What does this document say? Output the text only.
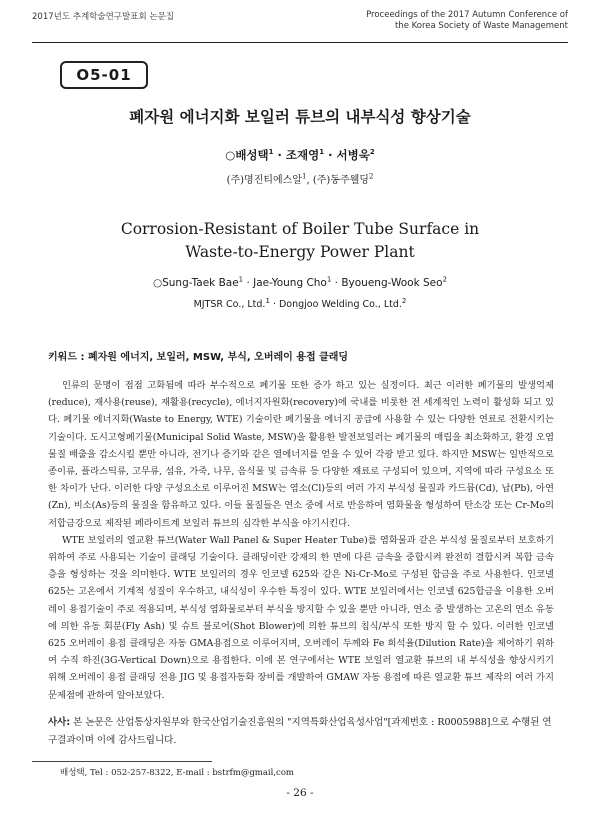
2017년도 추계학술연구발표회 논문집	Proceedings of the 2017 Autumn Conference of
the Korea Society of Waste Management
O5-01
폐자원 에너지화 보일러 튜브의 내부식성 향상기술
○배성택$^1$ · 조재영$^1$ · 서병욱$^2$
(주)명진티에스알$^1$, (주)동주웰딩$^2$
Corrosion-Resistant of Boiler Tube Surface in
Waste-to-Energy Power Plant
○Sung-Taek Bae$^1$ · Jae-Young Cho$^1$ · Byoueng-Wook Seo$^2$
MJTSR Co., Ltd.$^1$ · Dongjoo Welding Co., Ltd.$^2$
키워드 : 폐자원 에너지, 보일러, MSW, 부식, 오버레이 용접 클래딩

인류의 문명이 점점 고화됨에 따라 부수적으로 폐기물 또한 증가 하고 있는 실정이다. 최근 이러한 폐기물의 발생억제(reduce), 재사용(reuse), 재활용(recycle), 에너지자원화(recovery)에 국내를 비롯한 전 세계적인 노력이 활성화 되고 있다. 폐기물 에너지화(Waste to Energy, WTE) 기술이란 폐기물을 에너지 공급에 사용할 수 있는 다양한 연료로 전환시키는 기술이다. 도시고형폐기물(Municipal Solid Waste, MSW)을 활용한 발전보일러는 폐기물의 매립을 최소화하고, 환경 오염물질 배출을 감소시킬 뿐만 아니라, 전기나 증기와 같은 열에너지를 얻을 수 있어 각광 받고 있다. 하지만 MSW는 일반적으로 종이류, 플라스틱류, 고무류, 섬유, 가죽, 나무, 음식물 및 금속류 등 다양한 재료로 구성되어 있으며, 지역에 따라 구성요소 또한 차이가 난다. 이러한 다양 구성요소로 이루어진 MSW는 염소(Cl)등의 여러 가지 부식성 물질과 카드뮴(Cd), 납(Pb), 아연(Zn), 비소(As)등의 물질을 함유하고 있다. 이들 물질들은 연소 중에 서로 반응하여 염화물을 형성하여 탄소강 또는 Cr-Mo의 저합금강으로 제작된 페라이트계 보일러 튜브의 심각한 부식을 야기시킨다.

WTE 보일러의 열교환 튜브(Water Wall Panel & Super Heater Tube)를 염화물과 같은 부식성 물질로부터 보호하기 위하여 주로 사용되는 기술이 클래딩 기술이다. 클래딩이란 강재의 한 면에 다른 금속을 중합시켜 완전히 결합시켜 복합 금속 층을 형성하는 것을 의미한다. WTE 보일러의 경우 인코넬 625와 같은 Ni-Cr-Mo로 구성된 합금을 주로 사용한다. 인코넬 625는 고온에서 기계적 성질이 우수하고, 내식성이 우수한 특징이 있다. WTE 보일러에서는 인코넬 625합금을 이용한 오버레이 용접기술이 주로 적용되며, 부식성 염화물로부터 부식을 방지할 수 있을 뿐만 아니라, 연소 중 발생하는 고온의 연소 유동에 의한 유동 회분(Fly Ash) 및 슈트 블로어(Shot Blower)에 의한 튜브의 침식/부식 또한 방지 할 수 있다. 이러한 인코넬 625 오버레이 용접 클래딩은 자동 GMA용접으로 이루어지며, 오버레이 두께와 Fe 희석율(Dilution Rate)을 제어하기 위하여 수직 하진(3G-Vertical Down)으로 용접한다. 이에 본 연구에서는 WTE 보일러 열교환 튜브의 내 부식성을 향상시키기 위해 오버레이 용접 클래딩 전용 JIG 및 용접자동화 장비를 개발하여 GMAW 자동 용접에 따른 열교환 튜브 제작의 여러 가지 문제점에 관하여 알아보았다.

사사: 본 논문은 산업통상자원부와 한국산업기술진흥원의 "지역특화산업육성사업"[과제번호 : R0005988]으로 수행된 연구결과이며 이에 감사드립니다.
배성택, Tel : 052-257-8322, E-mail : bstrfm@gmail,com
- 26 -
